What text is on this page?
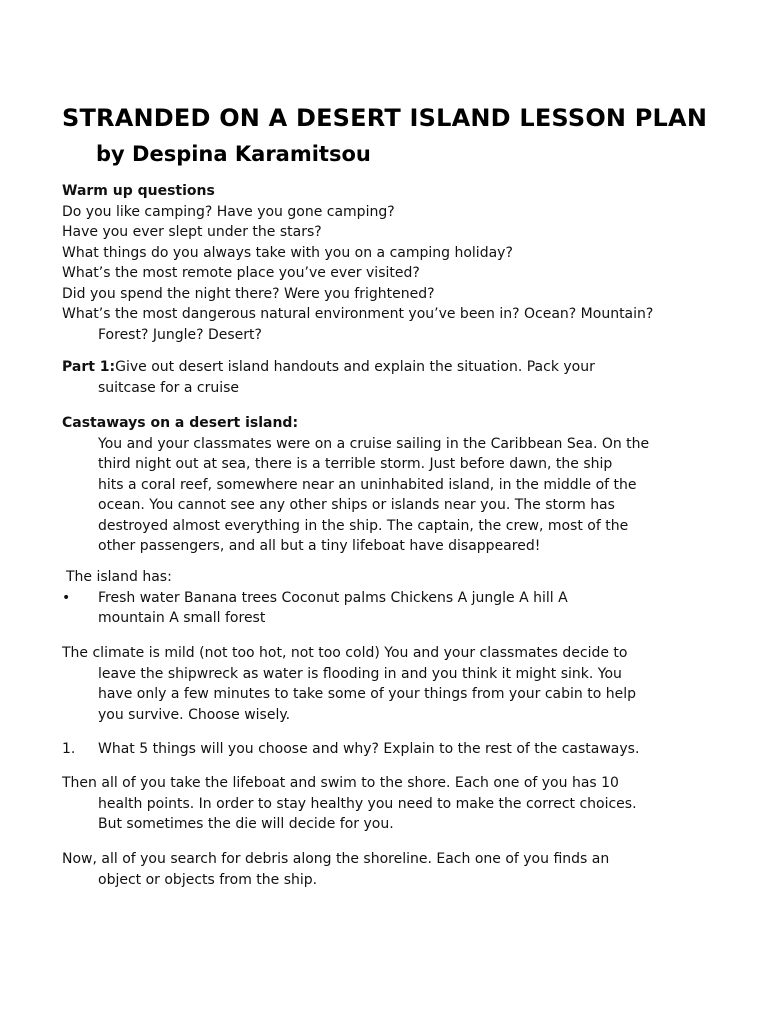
STRANDED ON A DESERT ISLAND LESSON PLAN
by Despina Karamitsou
Warm up questions
Do you like camping? Have you gone camping?
Have you ever slept under the stars?
What things do you always take with you on a camping holiday?
What’s the most remote place you’ve ever visited?
Did you spend the night there? Were you frightened?
What’s the most dangerous natural environment you’ve been in? Ocean? Mountain?
Forest? Jungle? Desert?
Part 1:Give out desert island handouts and explain the situation. Pack your
suitcase for a cruise
Castaways on a desert island:
You and your classmates were on a cruise sailing in the Caribbean Sea. On the
third night out at sea, there is a terrible storm. Just before dawn, the ship
hits a coral reef, somewhere near an uninhabited island, in the middle of the
ocean. You cannot see any other ships or islands near you. The storm has
destroyed almost everything in the ship. The captain, the crew, most of the
other passengers, and all but a tiny lifeboat have disappeared!
The island has:
•	Fresh water Banana trees Coconut palms Chickens A jungle A hill A
mountain A small forest
The climate is mild (not too hot, not too cold) You and your classmates decide to
leave the shipwreck as water is flooding in and you think it might sink. You
have only a few minutes to take some of your things from your cabin to help
you survive. Choose wisely.
1.	What 5 things will you choose and why? Explain to the rest of the castaways.
Then all of you take the lifeboat and swim to the shore. Each one of you has 10
health points. In order to stay healthy you need to make the correct choices.
But sometimes the die will decide for you.
Now, all of you search for debris along the shoreline. Each one of you finds an
object or objects from the ship.
